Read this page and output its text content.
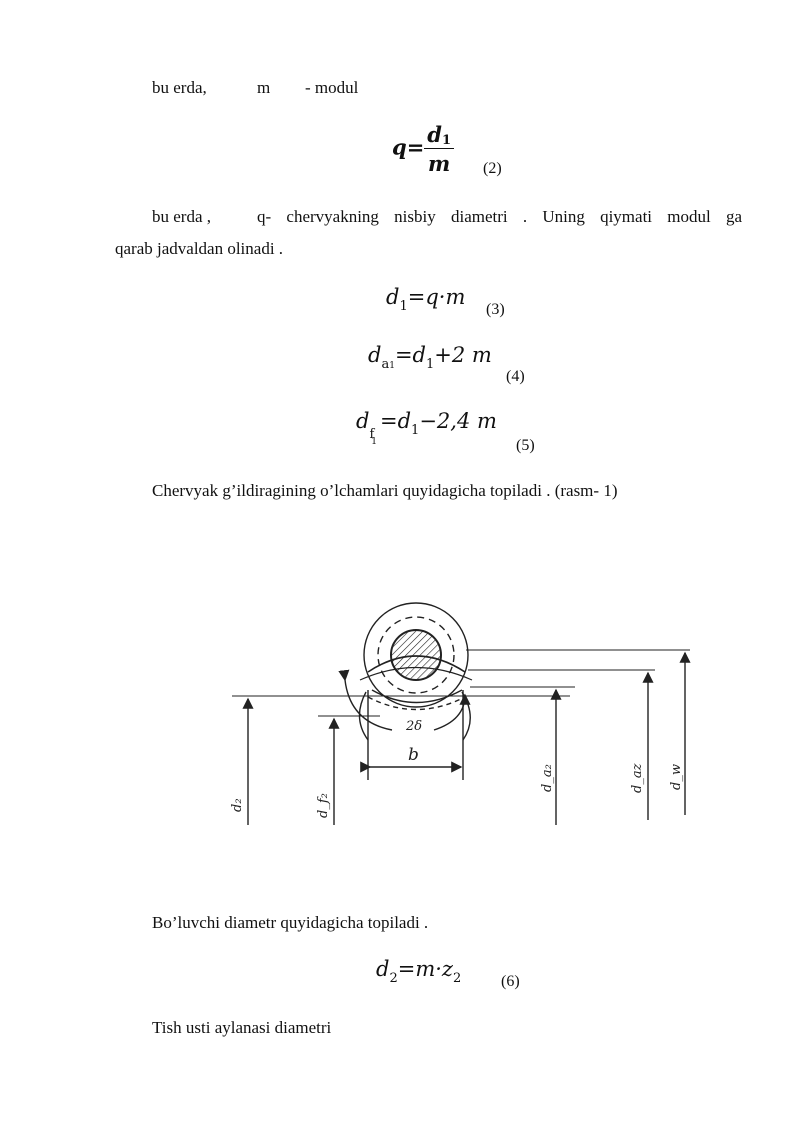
bu erda,	m - modul
$q= \frac{d1}{m} (2)$
bu erda ,	q- chervyakning nisbiy diametri . Uning qiymati modul ga
qarab jadvaldan olinadi .
$d_1=q\cdot m$
(3)
$d_{a1}=d_1+2$ m
(4)
$d_{f_1}=d_1-2,4$ m
(5)
Chervyak g’ildiragining o’lchamlari quyidagicha topiladi . (rasm- 1)
2δ
b
d₂	d_f₂
d_a₂	d_az d_w
Bo’luvchi diametr quyidagicha topiladi .
$d_2=m\cdot z_2$ (6)
Tish usti aylanasi diametri
